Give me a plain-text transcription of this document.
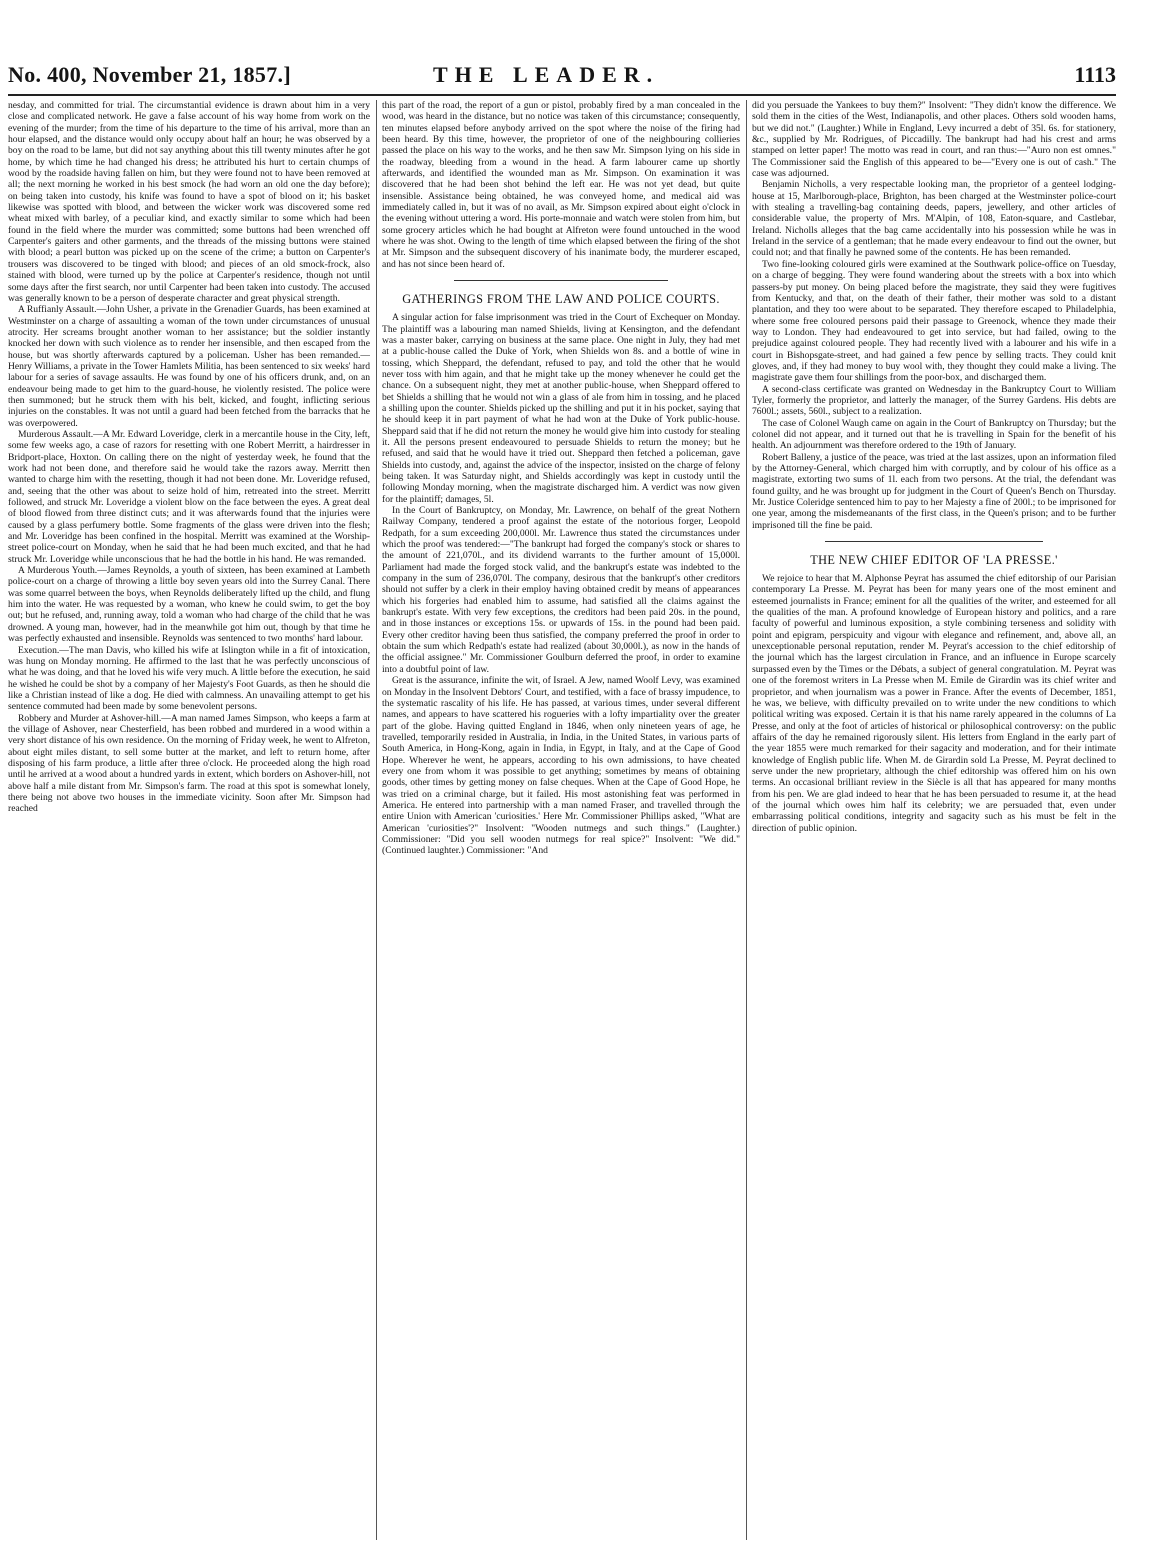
No. 400, November 21, 1857.]	THE LEADER.	1113

nesday, and committed for trial. The circumstantial evidence is drawn about him in a very close and complicated network. He gave a false account of his way home from work on the evening of the murder; from the time of his departure to the time of his arrival, more than an hour elapsed, and the distance would only occupy about half an hour; he was observed by a boy on the road to be lame, but did not say anything about this till twenty minutes after he got home, by which time he had changed his dress; he attributed his hurt to certain chumps of wood by the roadside having fallen on him, but they were found not to have been removed at all; the next morning he worked in his best smock (he had worn an old one the day before); on being taken into custody, his knife was found to have a spot of blood on it; his basket likewise was spotted with blood, and between the wicker work was discovered some red wheat mixed with barley, of a peculiar kind, and exactly similar to some which had been found in the field where the murder was committed; some buttons had been wrenched off Carpenter's gaiters and other garments, and the threads of the missing buttons were stained with blood; a pearl button was picked up on the scene of the crime; a button on Carpenter's trousers was discovered to be tinged with blood; and pieces of an old smock-frock, also stained with blood, were turned up by the police at Carpenter's residence, though not until some days after the first search, nor until Carpenter had been taken into custody. The accused was generally known to be a person of desperate character and great physical strength.

A Ruffianly Assault.—John Usher, a private in the Grenadier Guards, has been examined at Westminster on a charge of assaulting a woman of the town under circumstances of unusual atrocity. Her screams brought another woman to her assistance; but the soldier instantly knocked her down with such violence as to render her insensible, and then escaped from the house, but was shortly afterwards captured by a policeman. Usher has been remanded.—Henry Williams, a private in the Tower Hamlets Militia, has been sentenced to six weeks' hard labour for a series of savage assaults. He was found by one of his officers drunk, and, on an endeavour being made to get him to the guard-house, he violently resisted. The police were then summoned; but he struck them with his belt, kicked, and fought, inflicting serious injuries on the constables. It was not until a guard had been fetched from the barracks that he was overpowered.

Murderous Assault.—A Mr. Edward Loveridge, clerk in a mercantile house in the City, left, some few weeks ago, a case of razors for resetting with one Robert Merritt, a hairdresser in Bridport-place, Hoxton. On calling there on the night of yesterday week, he found that the work had not been done, and therefore said he would take the razors away. Merritt then wanted to charge him with the resetting, though it had not been done. Mr. Loveridge refused, and, seeing that the other was about to seize hold of him, retreated into the street. Merritt followed, and struck Mr. Loveridge a violent blow on the face between the eyes. A great deal of blood flowed from three distinct cuts; and it was afterwards found that the injuries were caused by a glass perfumery bottle. Some fragments of the glass were driven into the flesh; and Mr. Loveridge has been confined in the hospital. Merritt was examined at the Worship-street police-court on Monday, when he said that he had been much excited, and that he had struck Mr. Loveridge while unconscious that he had the bottle in his hand. He was remanded.

A Murderous Youth.—James Reynolds, a youth of sixteen, has been examined at Lambeth police-court on a charge of throwing a little boy seven years old into the Surrey Canal. There was some quarrel between the boys, when Reynolds deliberately lifted up the child, and flung him into the water. He was requested by a woman, who knew he could swim, to get the boy out; but he refused, and, running away, told a woman who had charge of the child that he was drowned. A young man, however, had in the meanwhile got him out, though by that time he was perfectly exhausted and insensible. Reynolds was sentenced to two months' hard labour.

Execution.—The man Davis, who killed his wife at Islington while in a fit of intoxication, was hung on Monday morning. He affirmed to the last that he was perfectly unconscious of what he was doing, and that he loved his wife very much. A little before the execution, he said he wished he could be shot by a company of her Majesty's Foot Guards, as then he should die like a Christian instead of like a dog. He died with calmness. An unavailing attempt to get his sentence commuted had been made by some benevolent persons.

Robbery and Murder at Ashover-hill.—A man named James Simpson, who keeps a farm at the village of Ashover, near Chesterfield, has been robbed and murdered in a wood within a very short distance of his own residence. On the morning of Friday week, he went to Alfreton, about eight miles distant, to sell some butter at the market, and left to return home, after disposing of his farm produce, a little after three o'clock. He proceeded along the high road until he arrived at a wood about a hundred yards in extent, which borders on Ashover-hill, not above half a mile distant from Mr. Simpson's farm. The road at this spot is somewhat lonely, there being not above two houses in the immediate vicinity. Soon after Mr. Simpson had reached

this part of the road, the report of a gun or pistol, probably fired by a man concealed in the wood, was heard in the distance, but no notice was taken of this circumstance; consequently, ten minutes elapsed before anybody arrived on the spot where the noise of the firing had been heard. By this time, however, the proprietor of one of the neighbouring collieries passed the place on his way to the works, and he then saw Mr. Simpson lying on his side in the roadway, bleeding from a wound in the head. A farm labourer came up shortly afterwards, and identified the wounded man as Mr. Simpson. On examination it was discovered that he had been shot behind the left ear. He was not yet dead, but quite insensible. Assistance being obtained, he was conveyed home, and medical aid was immediately called in, but it was of no avail, as Mr. Simpson expired about eight o'clock in the evening without uttering a word. His porte-monnaie and watch were stolen from him, but some grocery articles which he had bought at Alfreton were found untouched in the wood where he was shot. Owing to the length of time which elapsed between the firing of the shot at Mr. Simpson and the subsequent discovery of his inanimate body, the murderer escaped, and has not since been heard of.

GATHERINGS FROM THE LAW AND POLICE COURTS.

A singular action for false imprisonment was tried in the Court of Exchequer on Monday. The plaintiff was a labouring man named Shields, living at Kensington, and the defendant was a master baker, carrying on business at the same place. One night in July, they had met at a public-house called the Duke of York, when Shields won 8s. and a bottle of wine in tossing, which Sheppard, the defendant, refused to pay, and told the other that he would never toss with him again, and that he might take up the money whenever he could get the chance. On a subsequent night, they met at another public-house, when Sheppard offered to bet Shields a shilling that he would not win a glass of ale from him in tossing, and he placed a shilling upon the counter. Shields picked up the shilling and put it in his pocket, saying that he should keep it in part payment of what he had won at the Duke of York public-house. Sheppard said that if he did not return the money he would give him into custody for stealing it. All the persons present endeavoured to persuade Shields to return the money; but he refused, and said that he would have it tried out. Sheppard then fetched a policeman, gave Shields into custody, and, against the advice of the inspector, insisted on the charge of felony being taken. It was Saturday night, and Shields accordingly was kept in custody until the following Monday morning, when the magistrate discharged him. A verdict was now given for the plaintiff; damages, 5l.

In the Court of Bankruptcy, on Monday, Mr. Lawrence, on behalf of the great Nothern Railway Company, tendered a proof against the estate of the notorious forger, Leopold Redpath, for a sum exceeding 200,000l. Mr. Lawrence thus stated the circumstances under which the proof was tendered:—"The bankrupt had forged the company's stock or shares to the amount of 221,070l., and its dividend warrants to the further amount of 15,000l. Parliament had made the forged stock valid, and the bankrupt's estate was indebted to the company in the sum of 236,070l. The company, desirous that the bankrupt's other creditors should not suffer by a clerk in their employ having obtained credit by means of appearances which his forgeries had enabled him to assume, had satisfied all the claims against the bankrupt's estate. With very few exceptions, the creditors had been paid 20s. in the pound, and in those instances or exceptions 15s. or upwards of 15s. in the pound had been paid. Every other creditor having been thus satisfied, the company preferred the proof in order to obtain the sum which Redpath's estate had realized (about 30,000l.), as now in the hands of the official assignee." Mr. Commissioner Goulburn deferred the proof, in order to examine into a doubtful point of law.

Great is the assurance, infinite the wit, of Israel. A Jew, named Woolf Levy, was examined on Monday in the Insolvent Debtors' Court, and testified, with a face of brassy impudence, to the systematic rascality of his life. He has passed, at various times, under several different names, and appears to have scattered his rogueries with a lofty impartiality over the greater part of the globe. Having quitted England in 1846, when only nineteen years of age, he travelled, temporarily resided in Australia, in India, in the United States, in various parts of South America, in Hong-Kong, again in India, in Egypt, in Italy, and at the Cape of Good Hope. Wherever he went, he appears, according to his own admissions, to have cheated every one from whom it was possible to get anything; sometimes by means of obtaining goods, other times by getting money on false cheques. When at the Cape of Good Hope, he was tried on a criminal charge, but it failed. His most astonishing feat was performed in America. He entered into partnership with a man named Fraser, and travelled through the entire Union with American 'curiosities.' Here Mr. Commissioner Phillips asked, "What are American 'curiosities'?" Insolvent: "Wooden nutmegs and such things." (Laughter.) Commissioner: "Did you sell wooden nutmegs for real spice?" Insolvent: "We did." (Continued laughter.) Commissioner: "And

did you persuade the Yankees to buy them?" Insolvent: "They didn't know the difference. We sold them in the cities of the West, Indianapolis, and other places. Others sold wooden hams, but we did not." (Laughter.) While in England, Levy incurred a debt of 35l. 6s. for stationery, &c., supplied by Mr. Rodrigues, of Piccadilly. The bankrupt had had his crest and arms stamped on letter paper! The motto was read in court, and ran thus:—"Auro non est omnes." The Commissioner said the English of this appeared to be—"Every one is out of cash." The case was adjourned.

Benjamin Nicholls, a very respectable looking man, the proprietor of a genteel lodging-house at 15, Marlborough-place, Brighton, has been charged at the Westminster police-court with stealing a travelling-bag containing deeds, papers, jewellery, and other articles of considerable value, the property of Mrs. M'Alpin, of 108, Eaton-square, and Castlebar, Ireland. Nicholls alleges that the bag came accidentally into his possession while he was in Ireland in the service of a gentleman; that he made every endeavour to find out the owner, but could not; and that finally he pawned some of the contents. He has been remanded.

Two fine-looking coloured girls were examined at the Southwark police-office on Tuesday, on a charge of begging. They were found wandering about the streets with a box into which passers-by put money. On being placed before the magistrate, they said they were fugitives from Kentucky, and that, on the death of their father, their mother was sold to a distant plantation, and they too were about to be separated. They therefore escaped to Philadelphia, where some free coloured persons paid their passage to Greenock, whence they made their way to London. They had endeavoured to get into service, but had failed, owing to the prejudice against coloured people. They had recently lived with a labourer and his wife in a court in Bishopsgate-street, and had gained a few pence by selling tracts. They could knit gloves, and, if they had money to buy wool with, they thought they could make a living. The magistrate gave them four shillings from the poor-box, and discharged them.

A second-class certificate was granted on Wednesday in the Bankruptcy Court to William Tyler, formerly the proprietor, and latterly the manager, of the Surrey Gardens. His debts are 7600l.; assets, 560l., subject to a realization.

The case of Colonel Waugh came on again in the Court of Bankruptcy on Thursday; but the colonel did not appear, and it turned out that he is travelling in Spain for the benefit of his health. An adjournment was therefore ordered to the 19th of January.

Robert Balleny, a justice of the peace, was tried at the last assizes, upon an information filed by the Attorney-General, which charged him with corruptly, and by colour of his office as a magistrate, extorting two sums of 1l. each from two persons. At the trial, the defendant was found guilty, and he was brought up for judgment in the Court of Queen's Bench on Thursday. Mr. Justice Coleridge sentenced him to pay to her Majesty a fine of 200l.; to be imprisoned for one year, among the misdemeanants of the first class, in the Queen's prison; and to be further imprisoned till the fine be paid.

THE NEW CHIEF EDITOR OF 'LA PRESSE.'

We rejoice to hear that M. Alphonse Peyrat has assumed the chief editorship of our Parisian contemporary La Presse. M. Peyrat has been for many years one of the most eminent and esteemed journalists in France; eminent for all the qualities of the writer, and esteemed for all the qualities of the man. A profound knowledge of European history and politics, and a rare faculty of powerful and luminous exposition, a style combining terseness and solidity with point and epigram, perspicuity and vigour with elegance and refinement, and, above all, an unexceptionable personal reputation, render M. Peyrat's accession to the chief editorship of the journal which has the largest circulation in France, and an influence in Europe scarcely surpassed even by the Times or the Débats, a subject of general congratulation. M. Peyrat was one of the foremost writers in La Presse when M. Emile de Girardin was its chief writer and proprietor, and when journalism was a power in France. After the events of December, 1851, he was, we believe, with difficulty prevailed on to write under the new conditions to which political writing was exposed. Certain it is that his name rarely appeared in the columns of La Presse, and only at the foot of articles of historical or philosophical controversy: on the public affairs of the day he remained rigorously silent. His letters from England in the early part of the year 1855 were much remarked for their sagacity and moderation, and for their intimate knowledge of English public life. When M. de Girardin sold La Presse, M. Peyrat declined to serve under the new proprietary, although the chief editorship was offered him on his own terms. An occasional brilliant review in the Siècle is all that has appeared for many months from his pen. We are glad indeed to hear that he has been persuaded to resume it, at the head of the journal which owes him half its celebrity; we are persuaded that, even under embarrassing political conditions, integrity and sagacity such as his must be felt in the direction of public opinion.
